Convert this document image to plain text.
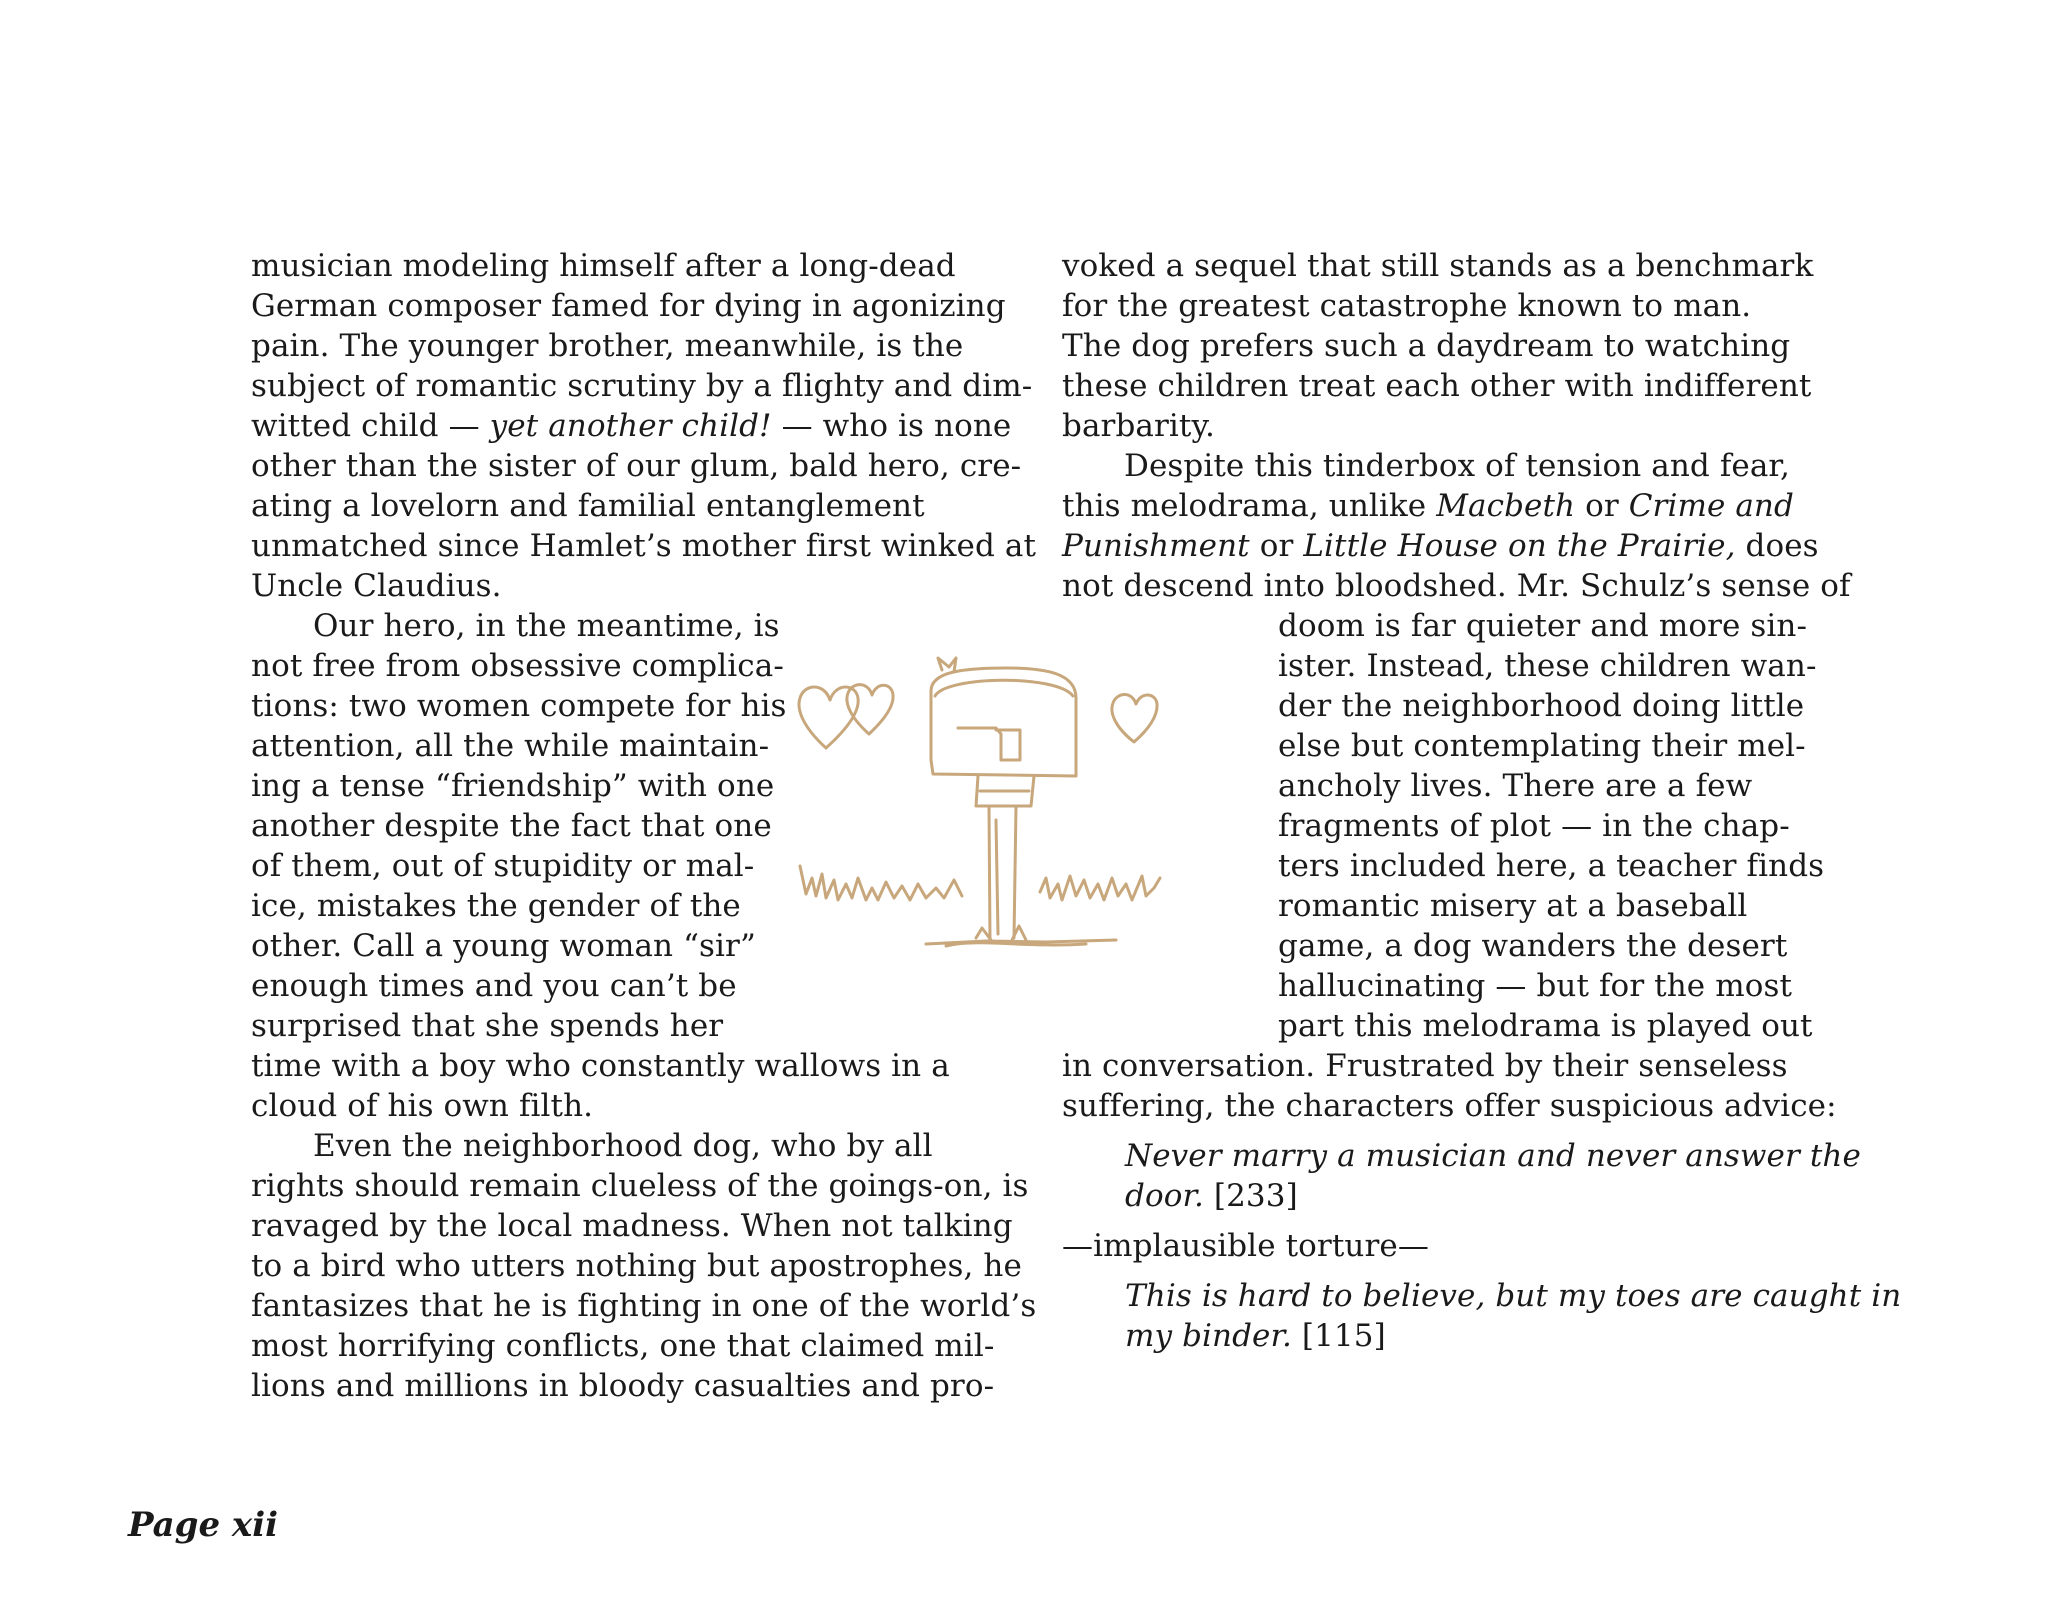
musician modeling himself after a long-dead
German composer famed for dying in agonizing
pain. The younger brother, meanwhile, is the
subject of romantic scrutiny by a flighty and dim-
witted child — yet another child! — who is none
other than the sister of our glum, bald hero, cre-
ating a lovelorn and familial entanglement
unmatched since Hamlet’s mother first winked at
Uncle Claudius.
Our hero, in the meantime, is
not free from obsessive complica-
tions: two women compete for his
attention, all the while maintain-
ing a tense “friendship” with one
another despite the fact that one
of them, out of stupidity or mal-
ice, mistakes the gender of the
other. Call a young woman “sir”
enough times and you can’t be
surprised that she spends her
time with a boy who constantly wallows in a
cloud of his own filth.
Even the neighborhood dog, who by all
rights should remain clueless of the goings-on, is
ravaged by the local madness. When not talking
to a bird who utters nothing but apostrophes, he
fantasizes that he is fighting in one of the world’s
most horrifying conflicts, one that claimed mil-
lions and millions in bloody casualties and pro-
voked a sequel that still stands as a benchmark
for the greatest catastrophe known to man.
The dog prefers such a daydream to watching
these children treat each other with indifferent
barbarity.
Despite this tinderbox of tension and fear,
this melodrama, unlike Macbeth or Crime and
Punishment or Little House on the Prairie, does
not descend into bloodshed. Mr. Schulz’s sense of
doom is far quieter and more sin-
ister. Instead, these children wan-
der the neighborhood doing little
else but contemplating their mel-
ancholy lives. There are a few
fragments of plot — in the chap-
ters included here, a teacher finds
romantic misery at a baseball
game, a dog wanders the desert
hallucinating — but for the most
part this melodrama is played out
in conversation. Frustrated by their senseless
suffering, the characters offer suspicious advice:
Never marry a musician and never answer the
door. [233]
—implausible torture—
This is hard to believe, but my toes are caught in
my binder. [115]
Page xii
